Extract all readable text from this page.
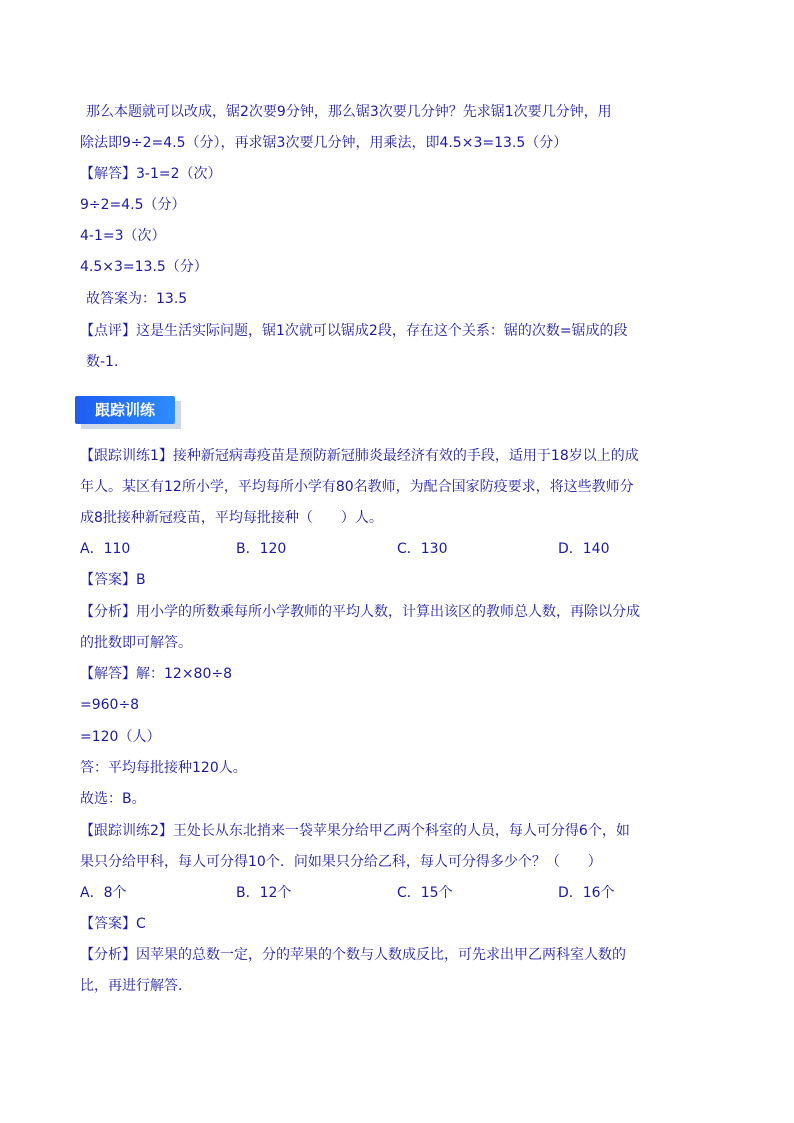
那么本题就可以改成，锯2次要9分钟，那么锯3次要几分钟？先求锯1次要几分钟，用
除法即9÷2=4.5（分），再求锯3次要几分钟，用乘法，即4.5×3=13.5（分）
【解答】3-1=2（次）
9÷2=4.5（分）
4-1=3（次）
4.5×3=13.5（分）
故答案为：13.5
【点评】这是生活实际问题，锯1次就可以锯成2段，存在这个关系：锯的次数=锯成的段
数-1.
跟踪训练
【跟踪训练1】接种新冠病毒疫苗是预防新冠肺炎最经济有效的手段，适用于18岁以上的成
年人。某区有12所小学，平均每所小学有80名教师，为配合国家防疫要求，将这些教师分
成8批接种新冠疫苗，平均每批接种（　　）人。
A．110	B．120	C．130	D．140
【答案】B
【分析】用小学的所数乘每所小学教师的平均人数，计算出该区的教师总人数，再除以分成
的批数即可解答。
【解答】解：12×80÷8
=960÷8
=120（人）
答：平均每批接种120人。
故选：B。
【跟踪训练2】王处长从东北捎来一袋苹果分给甲乙两个科室的人员，每人可分得6个，如
果只分给甲科，每人可分得10个．问如果只分给乙科，每人可分得多少个？（　　）
A．8个	B．12个	C．15个	D．16个
【答案】C
【分析】因苹果的总数一定，分的苹果的个数与人数成反比，可先求出甲乙两科室人数的
比，再进行解答．
